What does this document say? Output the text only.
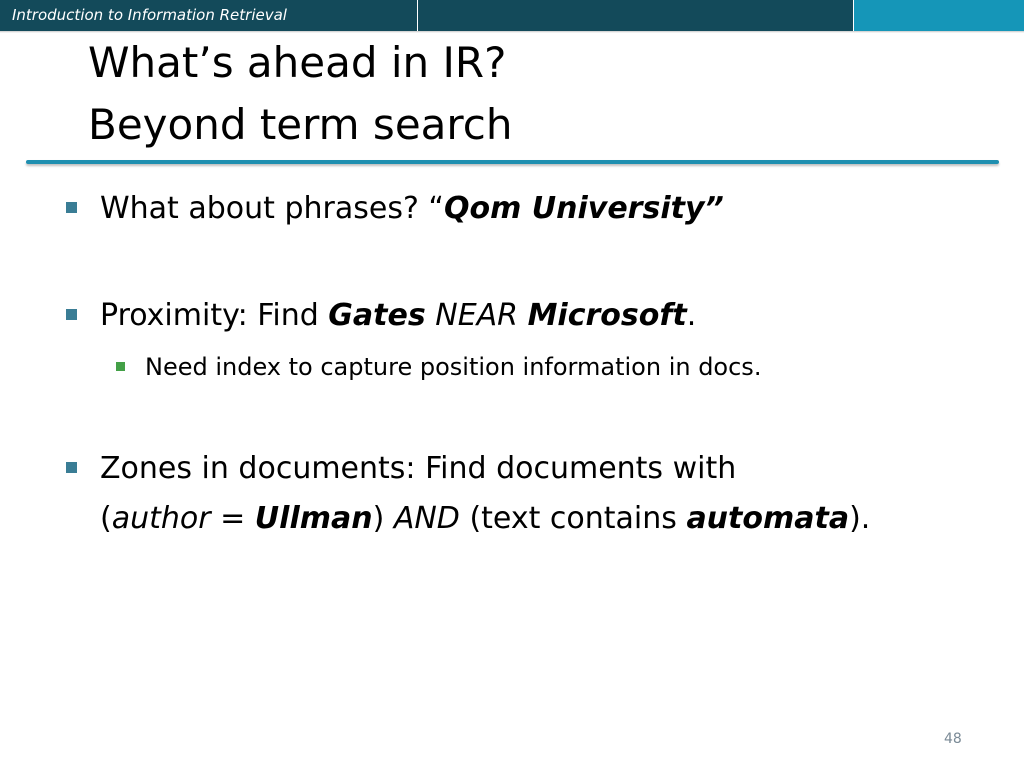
Introduction to Information Retrieval
What’s ahead in IR?
Beyond term search
What about phrases? “Qom University”
Proximity: Find Gates NEAR Microsoft.
Need index to capture position information in docs.
Zones in documents: Find documents with
(author = Ullman) AND (text contains automata).
48
